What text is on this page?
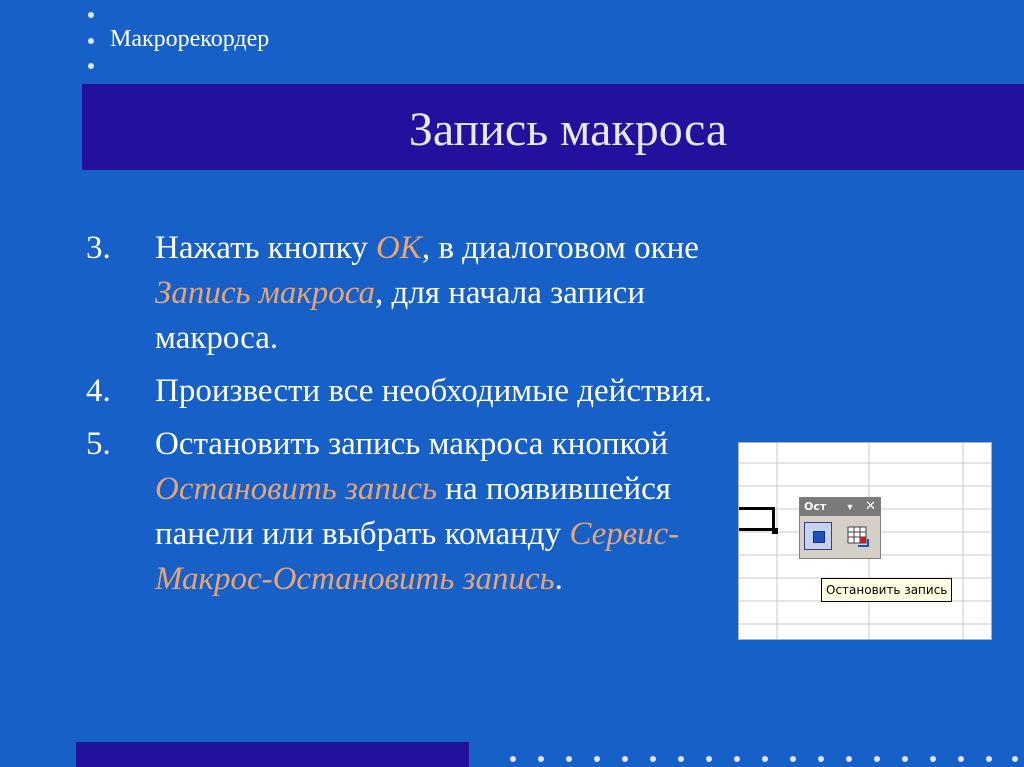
Макрорекордер
Запись макроса
3. Нажать кнопку OK, в диалоговом окне Запись макроса, для начала записи макроса.
4. Произвести все необходимые действия.
5. Остановить запись макроса кнопкой Остановить запись на появившейся панели или выбрать команду Сервис-Макрос-Остановить запись.
Ост	▼ ✕
Остановить запись
